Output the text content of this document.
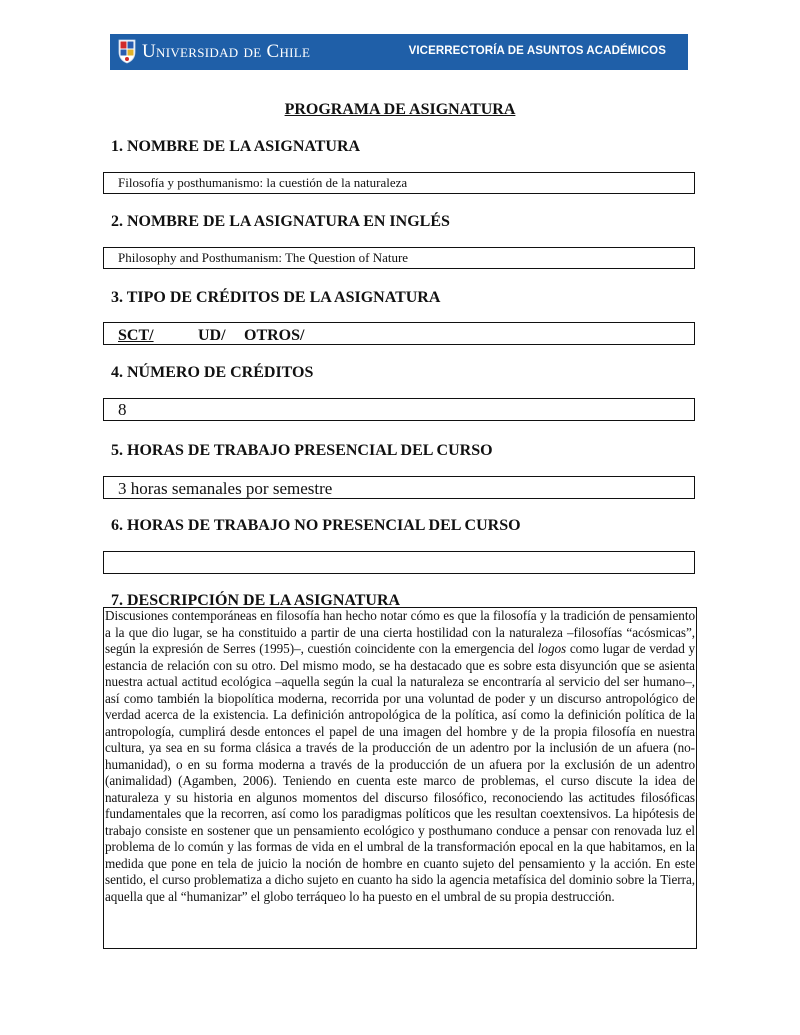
Universidad de Chile	VICERRECTORÍA DE ASUNTOS ACADÉMICOS
PROGRAMA DE ASIGNATURA
1. NOMBRE DE LA ASIGNATURA
Filosofía y posthumanismo: la cuestión de la naturaleza
2. NOMBRE DE LA ASIGNATURA EN INGLÉS
Philosophy and Posthumanism: The Question of Nature
3. TIPO DE CRÉDITOS DE LA ASIGNATURA
SCT/	UD/ OTROS/
4. NÚMERO DE CRÉDITOS
8
5. HORAS DE TRABAJO PRESENCIAL DEL CURSO
3 horas semanales por semestre
6. HORAS DE TRABAJO NO PRESENCIAL DEL CURSO
7. DESCRIPCIÓN DE LA ASIGNATURA

Discusiones contemporáneas en filosofía han hecho notar cómo es que la filosofía y la tradición de pensamiento a la que dio lugar, se ha constituido a partir de una cierta hostilidad con la naturaleza –filosofías “acósmicas”, según la expresión de Serres (1995)–, cuestión coincidente con la emergencia del logos como lugar de verdad y estancia de relación con su otro. Del mismo modo, se ha destacado que es sobre esta disyunción que se asienta nuestra actual actitud ecológica –aquella según la cual la naturaleza se encontraría al servicio del ser humano–, así como también la biopolítica moderna, recorrida por una voluntad de poder y un discurso antropológico de verdad acerca de la existencia. La definición antropológica de la política, así como la definición política de la antropología, cumplirá desde entonces el papel de una imagen del hombre y de la propia filosofía en nuestra cultura, ya sea en su forma clásica a través de la producción de un adentro por la inclusión de un afuera (no-humanidad), o en su forma moderna a través de la producción de un afuera por la exclusión de un adentro (animalidad) (Agamben, 2006). Teniendo en cuenta este marco de problemas, el curso discute la idea de naturaleza y su historia en algunos momentos del discurso filosófico, reconociendo las actitudes filosóficas fundamentales que la recorren, así como los paradigmas políticos que les resultan coextensivos. La hipótesis de trabajo consiste en sostener que un pensamiento ecológico y posthumano conduce a pensar con renovada luz el problema de lo común y las formas de vida en el umbral de la transformación epocal en la que habitamos, en la medida que pone en tela de juicio la noción de hombre en cuanto sujeto del pensamiento y la acción. En este sentido, el curso problematiza a dicho sujeto en cuanto ha sido la agencia metafísica del dominio sobre la Tierra, aquella que al “humanizar” el globo terráqueo lo ha puesto en el umbral de su propia destrucción.
